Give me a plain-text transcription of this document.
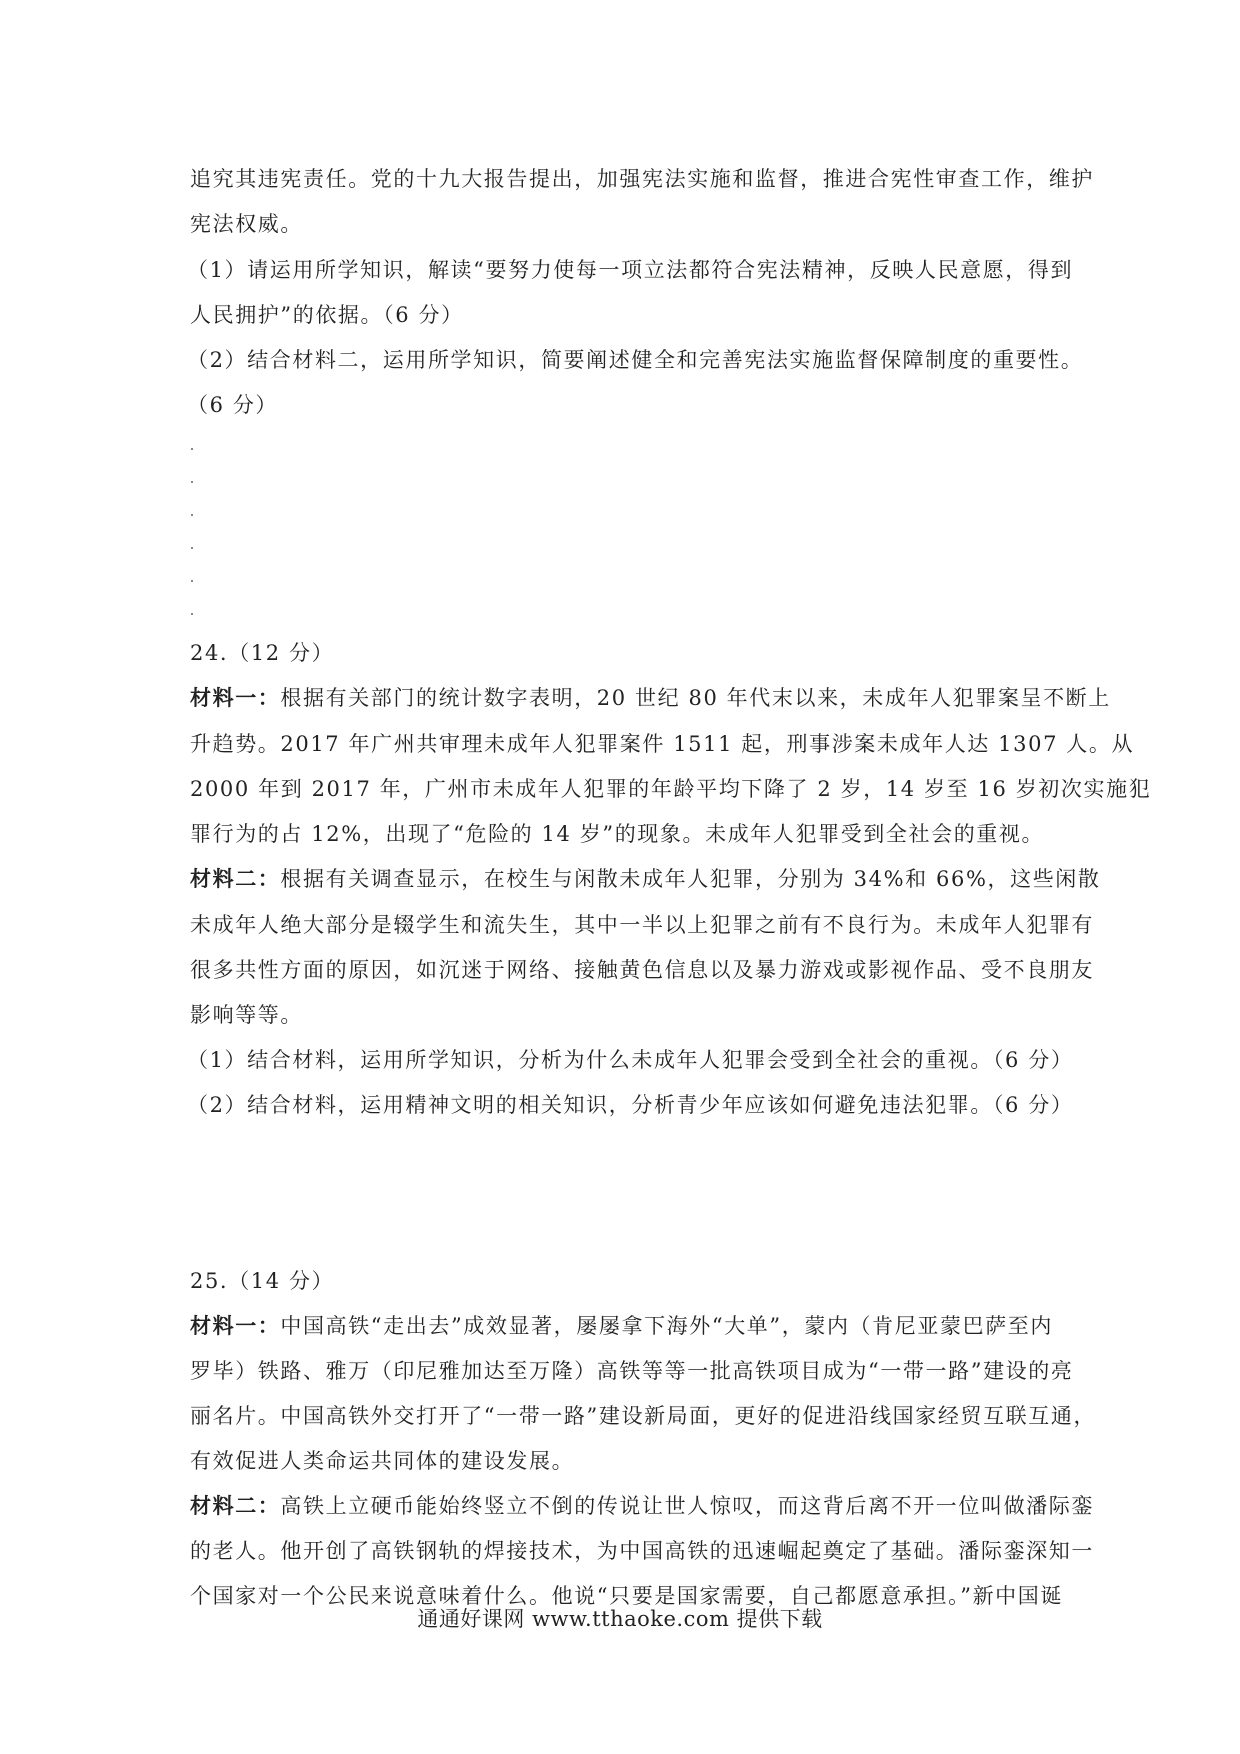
追究其违宪责任。党的十九大报告提出，加强宪法实施和监督，推进合宪性审查工作，维护
宪法权威。
（1）请运用所学知识，解读“要努力使每一项立法都符合宪法精神，反映人民意愿，得到
人民拥护”的依据。（6 分）
（2）结合材料二，运用所学知识，简要阐述健全和完善宪法实施监督保障制度的重要性。
（6 分）
24.（12 分）
材料一：根据有关部门的统计数字表明，20 世纪 80 年代末以来，未成年人犯罪案呈不断上
升趋势。2017 年广州共审理未成年人犯罪案件 1511 起，刑事涉案未成年人达 1307 人。从
2000 年到 2017 年，广州市未成年人犯罪的年龄平均下降了 2 岁，14 岁至 16 岁初次实施犯
罪行为的占 12%，出现了“危险的 14 岁”的现象。未成年人犯罪受到全社会的重视。
材料二：根据有关调查显示，在校生与闲散未成年人犯罪，分别为 34%和 66%，这些闲散
未成年人绝大部分是辍学生和流失生，其中一半以上犯罪之前有不良行为。未成年人犯罪有
很多共性方面的原因，如沉迷于网络、接触黄色信息以及暴力游戏或影视作品、受不良朋友
影响等等。
（1）结合材料，运用所学知识，分析为什么未成年人犯罪会受到全社会的重视。（6 分）
（2）结合材料，运用精神文明的相关知识，分析青少年应该如何避免违法犯罪。（6 分）
25.（14 分）
材料一：中国高铁“走出去”成效显著，屡屡拿下海外“大单”，蒙内（肯尼亚蒙巴萨至内
罗毕）铁路、雅万（印尼雅加达至万隆）高铁等等一批高铁项目成为“一带一路”建设的亮
丽名片。中国高铁外交打开了“一带一路”建设新局面，更好的促进沿线国家经贸互联互通，
有效促进人类命运共同体的建设发展。
材料二：高铁上立硬币能始终竖立不倒的传说让世人惊叹，而这背后离不开一位叫做潘际銮
的老人。他开创了高铁钢轨的焊接技术，为中国高铁的迅速崛起奠定了基础。潘际銮深知一
个国家对一个公民来说意味着什么。他说“只要是国家需要，自己都愿意承担。”新中国诞
通通好课网 www.tthaoke.com 提供下载
